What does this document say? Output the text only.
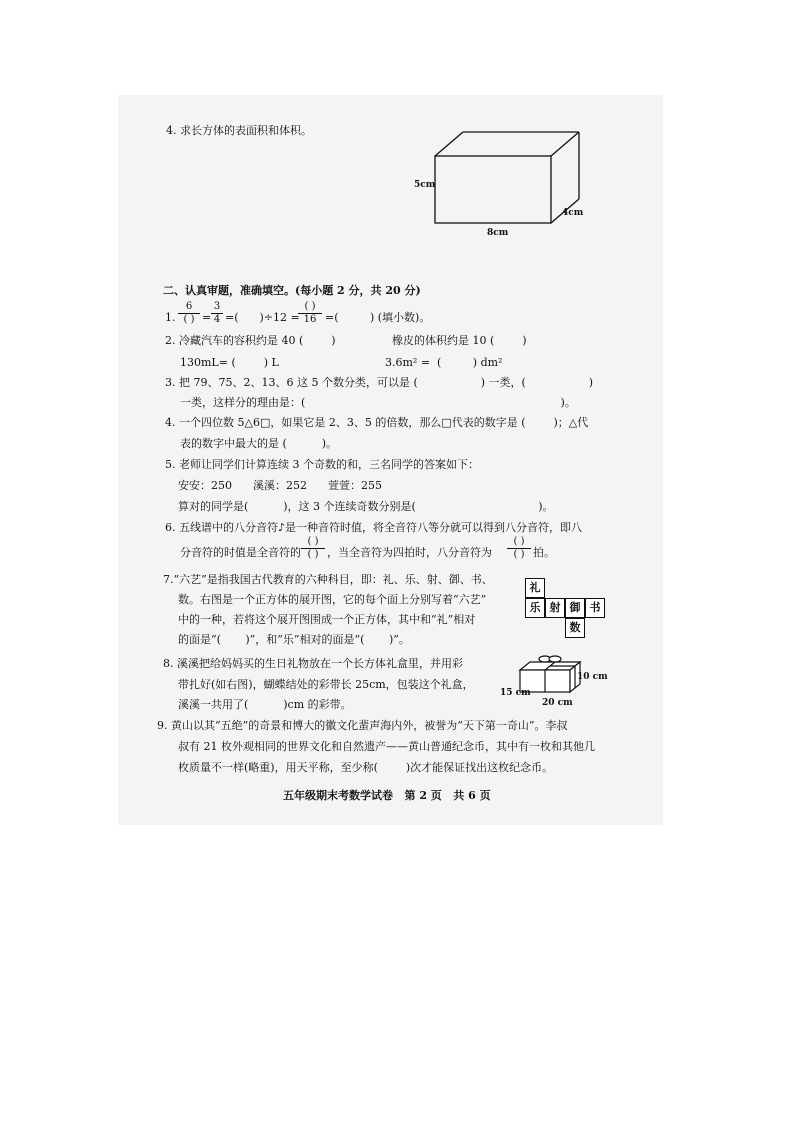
4. 求长方体的表面积和体积。
5cm
4cm
8cm
二、认真审题，准确填空。(每小题 2 分，共 20 分)
1.
6
( ) =
3
4 =(      )÷12 =
( )
16 =(         ) (填小数)。
2. 冷藏汽车的容积约是 40 (        )	橡皮的体积约是 10 (        )
130mL= (        ) L	3.6m² =  (         ) dm²
3. 把 79、75、2、13、6 这 5 个数分类，可以是 (                  ) 一类，(                  )
一类，这样分的理由是：(                                                                         )。
4. 一个四位数 5△6□，如果它是 2、3、5 的倍数，那么□代表的数字是 (        )；△代
表的数字中最大的是 (          )。
5. 老师让同学们计算连续 3 个奇数的和，三名同学的答案如下：
安安：250      溪溪：252      萱萱：255
算对的同学是(          )，这 3 个连续奇数分别是(                                   )。
6. 五线谱中的八分音符♪是一种音符时值，将全音符八等分就可以得到八分音符，即八
分音符的时值是全音符的
( )
( ) ，当全音符为四拍时，八分音符为
( )
( ) 拍。
7.“六艺”是指我国古代教育的六种科目，即：礼、乐、射、御、书、
数。右图是一个正方体的展开图，它的每个面上分别写着“六艺”
中的一种，若将这个展开图围成一个正方体，其中和“礼”相对
的面是“(       )”，和“乐”相对的面是“(       )”。
礼
乐 射 御 书
数
8. 溪溪把给妈妈买的生日礼物放在一个长方体礼盒里，并用彩
带扎好(如右图)，蝴蝶结处的彩带长 25cm，包装这个礼盒，
溪溪一共用了(          )cm 的彩带。
10 cm
15 cm
20 cm
9. 黄山以其“五绝”的奇景和博大的徽文化蜚声海内外，被誉为“天下第一奇山”。李叔
叔有 21 枚外观相同的世界文化和自然遗产——黄山普通纪念币，其中有一枚和其他几
枚质量不一样(略重)，用天平称，至少称(        )次才能保证找出这枚纪念币。
五年级期末考数学试卷   第 2 页   共 6 页
